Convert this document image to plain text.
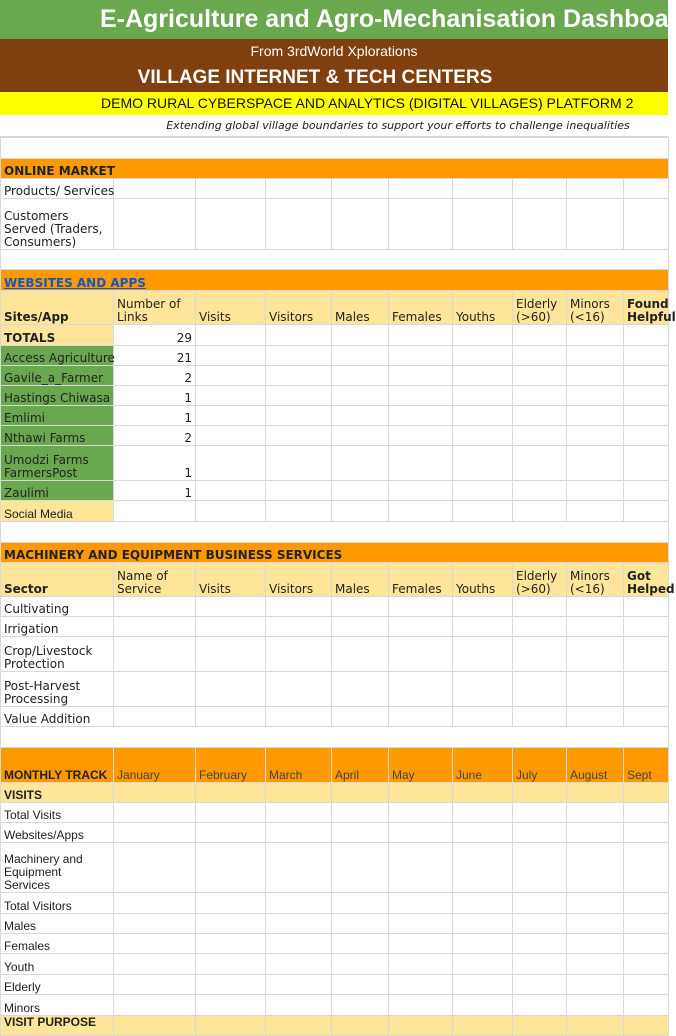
E-Agriculture and Agro-Mechanisation Dashboa
From 3rdWorld Xplorations
VILLAGE INTERNET & TECH CENTERS
DEMO RURAL CYBERSPACE AND ANALYTICS (DIGITAL VILLAGES) PLATFORM 2
Extending global village boundaries to support your efforts to challenge inequalities

ONLINE MARKET									
Products/ Services									
Customers Served (Traders, Consumers)									

WEBSITES AND APPS									
Sites/App	Number of Links	Visits	Visitors	Males	Females	Youths	Elderly (>60)	Minors (<16)	Found Helpful
TOTALS	29								
Access Agriculture	21								
Gavile_a_Farmer	2								
Hastings Chiwasa	1								
Emlimi	1								
Nthawi Farms	2								
Umodzi Farms FarmersPost	1								
Zaulimi	1								
Social Media									

MACHINERY AND EQUIPMENT BUSINESS SERVICES									
Sector	Name of Service	Visits	Visitors	Males	Females	Youths	Elderly (>60)	Minors (<16)	Got Helped
Cultivating									
Irrigation									
Crop/Livestock Protection									
Post-Harvest Processing									
Value Addition									

MONTHLY TRACK	January	February	March	April	May	June	July	August	Sept
VISITS									
Total Visits									
Websites/Apps									
Machinery and Equipment Services									
Total Visitors									
Males									
Females									
Youth									
Elderly									
Minors									
VISIT PURPOSE									
